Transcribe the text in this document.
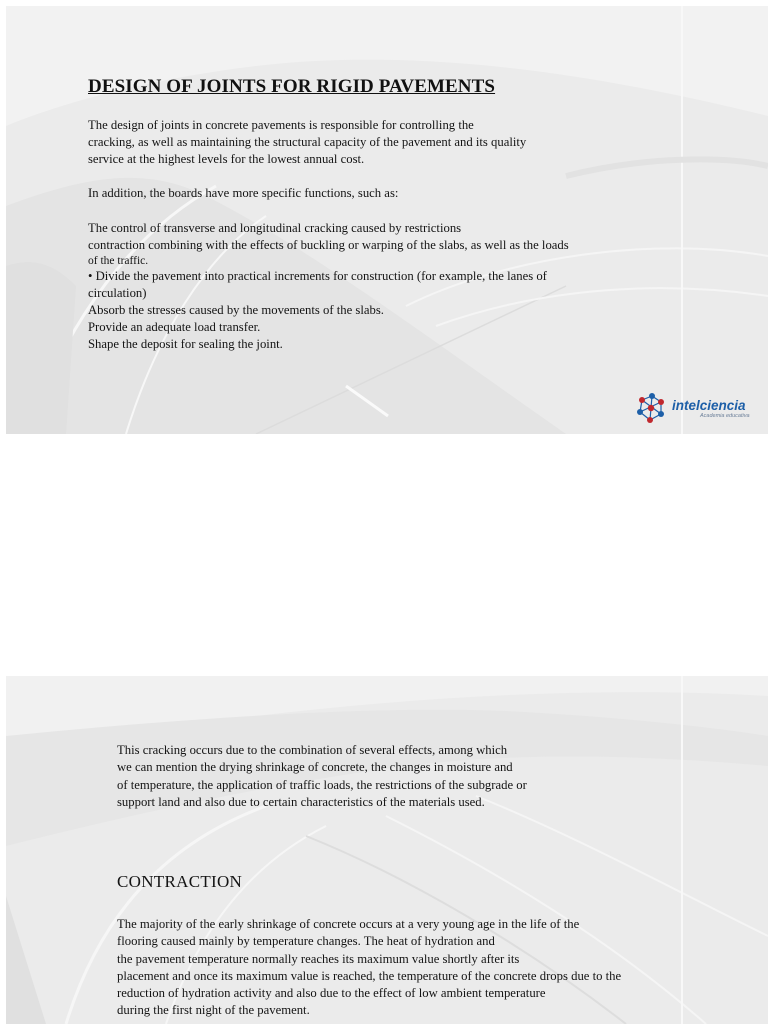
DESIGN OF JOINTS FOR RIGID PAVEMENTS
The design of joints in concrete pavements is responsible for controlling the
cracking, as well as maintaining the structural capacity of the pavement and its quality
service at the highest levels for the lowest annual cost.
In addition, the boards have more specific functions, such as:
The control of transverse and longitudinal cracking caused by restrictions
contraction combining with the effects of buckling or warping of the slabs, as well as the loads
of the traffic.
• Divide the pavement into practical increments for construction (for example, the lanes of
circulation)
Absorb the stresses caused by the movements of the slabs.
Provide an adequate load transfer.
Shape the deposit for sealing the joint.
intelciencia
Academia educativa
This cracking occurs due to the combination of several effects, among which
we can mention the drying shrinkage of concrete, the changes in moisture and
of temperature, the application of traffic loads, the restrictions of the subgrade or
support land and also due to certain characteristics of the materials used.
CONTRACTION
The majority of the early shrinkage of concrete occurs at a very young age in the life of the
flooring caused mainly by temperature changes. The heat of hydration and
the pavement temperature normally reaches its maximum value shortly after its
placement and once its maximum value is reached, the temperature of the concrete drops due to the
reduction of hydration activity and also due to the effect of low ambient temperature
during the first night of the pavement.
